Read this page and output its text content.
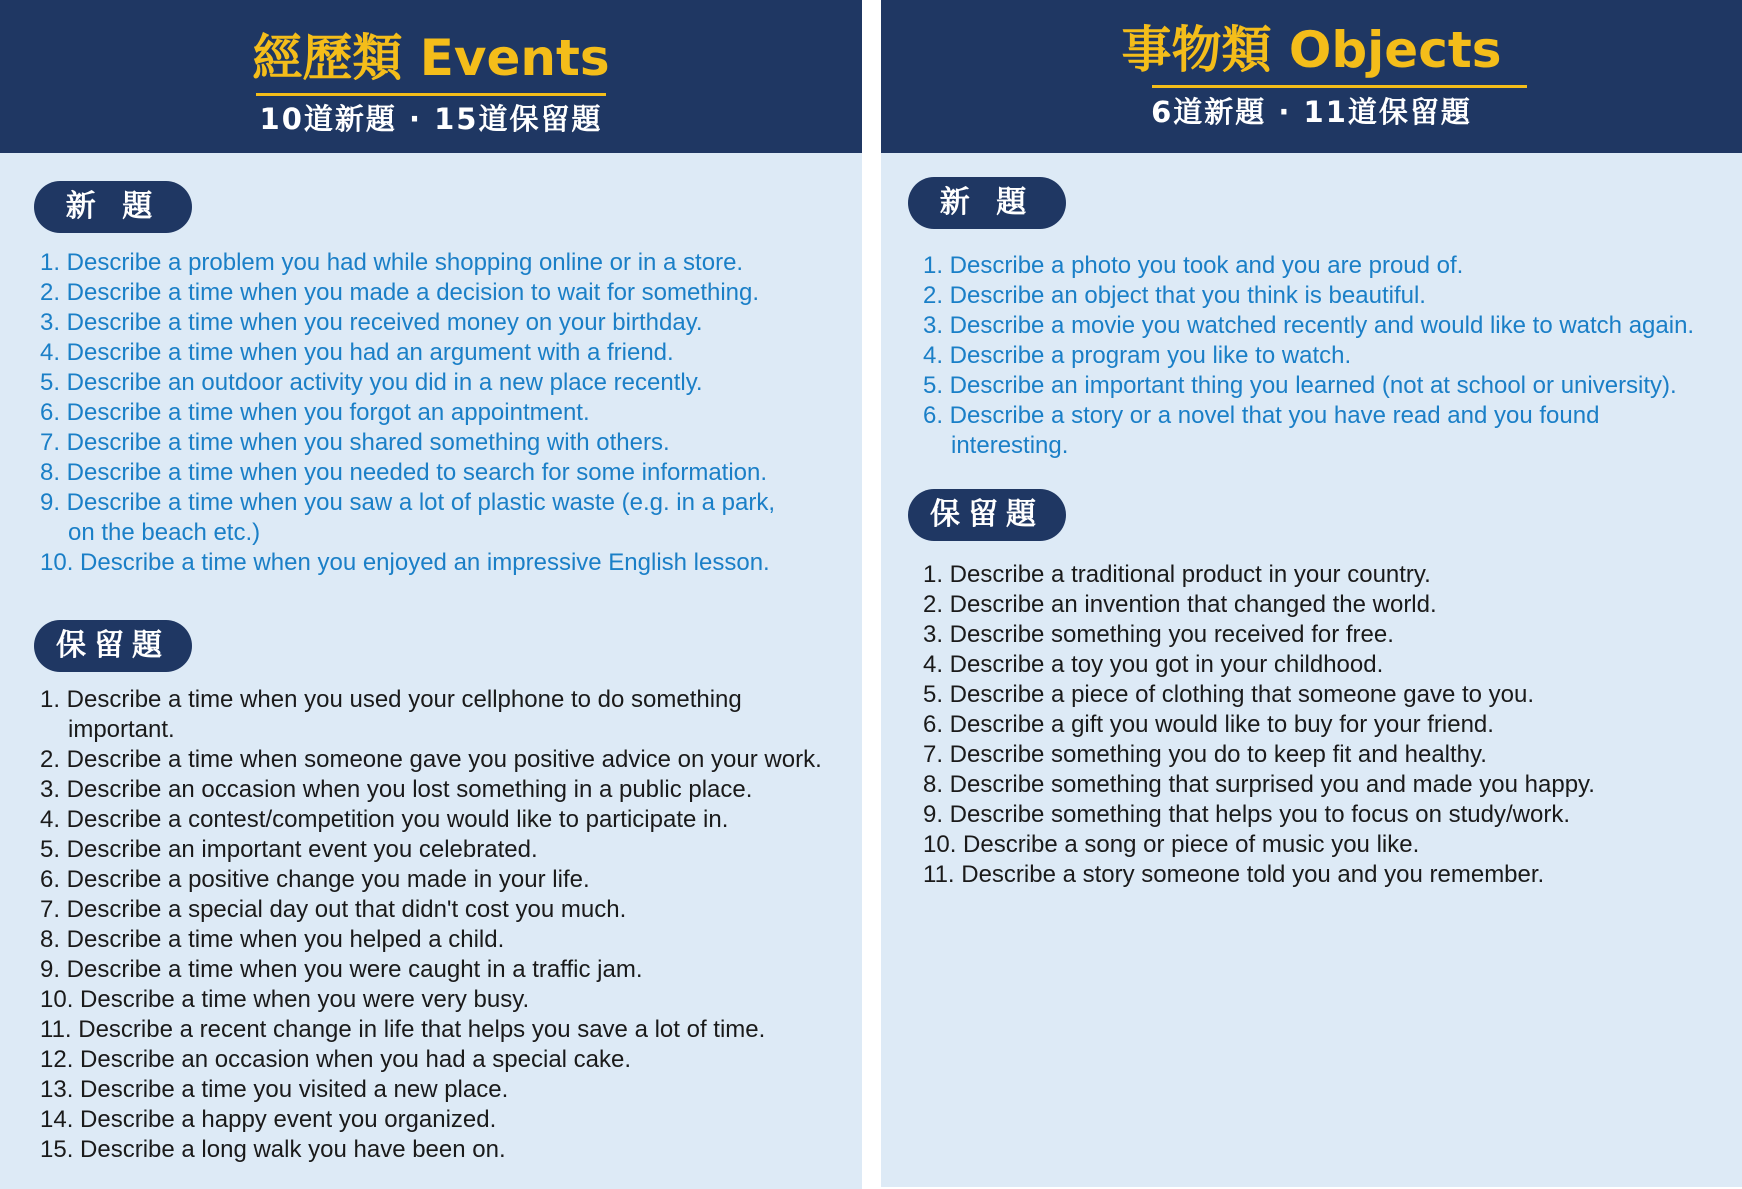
經歷類 Events
10道新題 · 15道保留題
新 題
1. Describe a problem you had while shopping online or in a store.
2. Describe a time when you made a decision to wait for something.
3. Describe a time when you received money on your birthday.
4. Describe a time when you had an argument with a friend.
5. Describe an outdoor activity you did in a new place recently.
6. Describe a time when you forgot an appointment.
7. Describe a time when you shared something with others.
8. Describe a time when you needed to search for some information.
9. Describe a time when you saw a lot of plastic waste (e.g. in a park,
on the beach etc.)
10. Describe a time when you enjoyed an impressive English lesson.
保留題
1. Describe a time when you used your cellphone to do something
important.
2. Describe a time when someone gave you positive advice on your work.
3. Describe an occasion when you lost something in a public place.
4. Describe a contest/competition you would like to participate in.
5. Describe an important event you celebrated.
6. Describe a positive change you made in your life.
7. Describe a special day out that didn't cost you much.
8. Describe a time when you helped a child.
9. Describe a time when you were caught in a traffic jam.
10. Describe a time when you were very busy.
11. Describe a recent change in life that helps you save a lot of time.
12. Describe an occasion when you had a special cake.
13. Describe a time you visited a new place.
14. Describe a happy event you organized.
15. Describe a long walk you have been on.
事物類 Objects
6道新題 · 11道保留題
新 題
1. Describe a photo you took and you are proud of.
2. Describe an object that you think is beautiful.
3. Describe a movie you watched recently and would like to watch again.
4. Describe a program you like to watch.
5. Describe an important thing you learned (not at school or university).
6. Describe a story or a novel that you have read and you found
interesting.
保留題
1. Describe a traditional product in your country.
2. Describe an invention that changed the world.
3. Describe something you received for free.
4. Describe a toy you got in your childhood.
5. Describe a piece of clothing that someone gave to you.
6. Describe a gift you would like to buy for your friend.
7. Describe something you do to keep fit and healthy.
8. Describe something that surprised you and made you happy.
9. Describe something that helps you to focus on study/work.
10. Describe a song or piece of music you like.
11. Describe a story someone told you and you remember.
